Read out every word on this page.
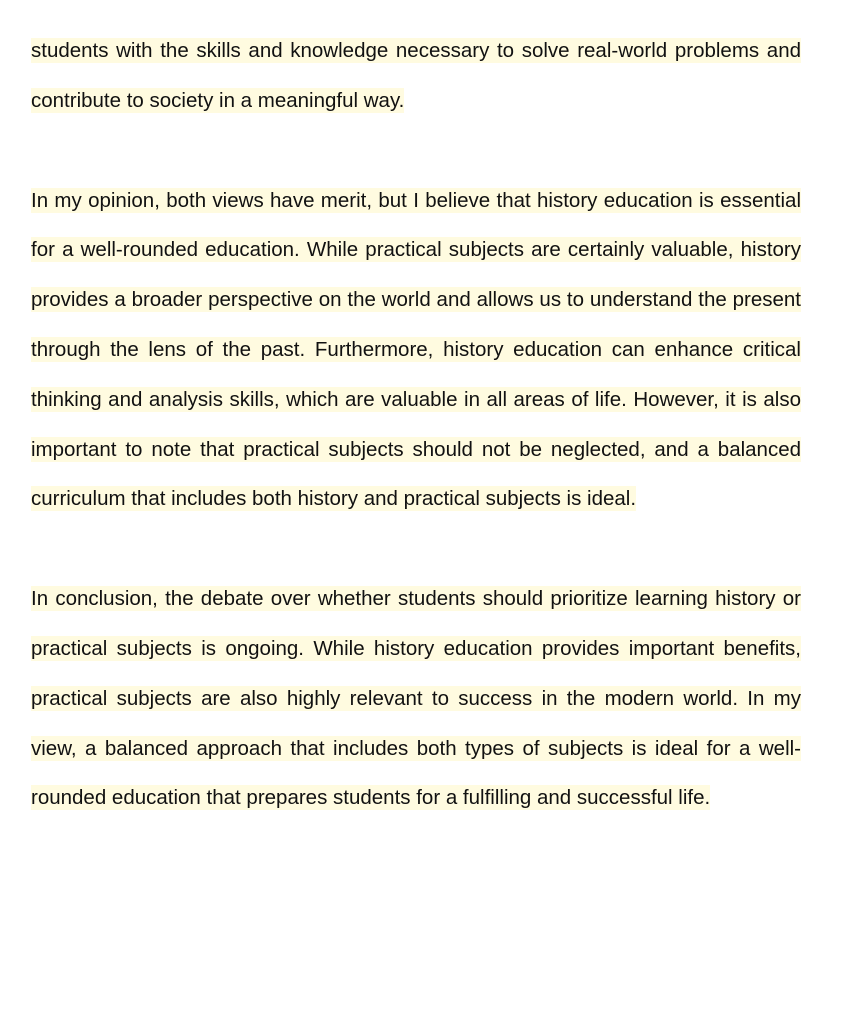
students with the skills and knowledge necessary to solve real-world problems and contribute to society in a meaningful way.

In my opinion, both views have merit, but I believe that history education is essential for a well-rounded education. While practical subjects are certainly valuable, history provides a broader perspective on the world and allows us to understand the present through the lens of the past. Furthermore, history education can enhance critical thinking and analysis skills, which are valuable in all areas of life. However, it is also important to note that practical subjects should not be neglected, and a balanced curriculum that includes both history and practical subjects is ideal.

In conclusion, the debate over whether students should prioritize learning history or practical subjects is ongoing. While history education provides important benefits, practical subjects are also highly relevant to success in the modern world. In my view, a balanced approach that includes both types of subjects is ideal for a well-rounded education that prepares students for a fulfilling and successful life.
